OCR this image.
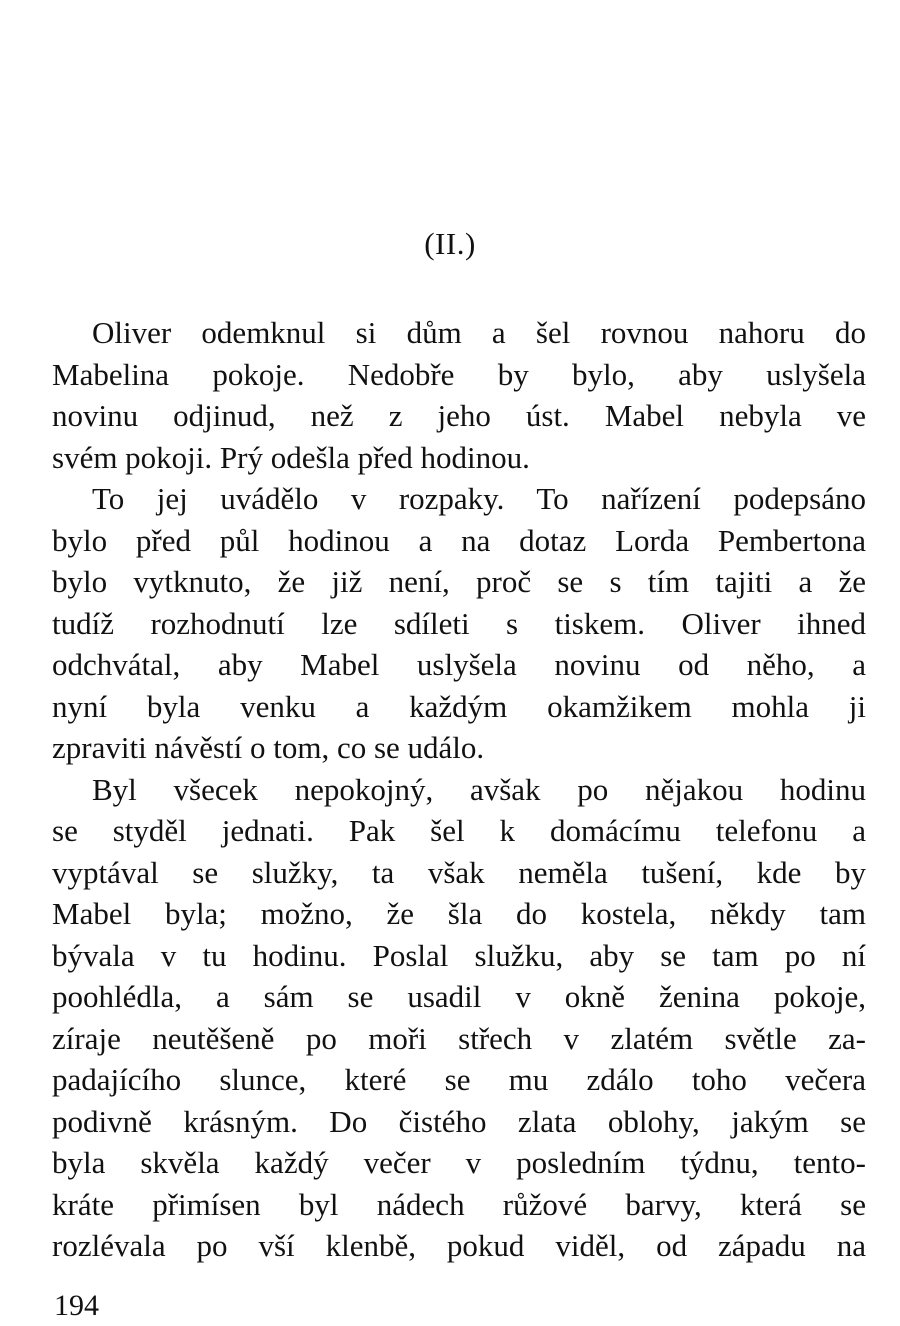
(II.)

Oliver odemknul si dům a šel rovnou nahoru do
Mabelina pokoje. Nedobře by bylo, aby uslyšela
novinu odjinud, než z jeho úst. Mabel nebyla ve
svém pokoji. Prý odešla před hodinou.

To jej uvádělo v rozpaky. To nařízení podepsáno
bylo před půl hodinou a na dotaz Lorda Pembertona
bylo vytknuto, že již není, proč se s tím tajiti a že
tudíž rozhodnutí lze sdíleti s tiskem. Oliver ihned
odchvátal, aby Mabel uslyšela novinu od něho, a
nyní byla venku a každým okamžikem mohla ji
zpraviti návěstí o tom, co se událo.

Byl všecek nepokojný, avšak po nějakou hodinu
se styděl jednati. Pak šel k domácímu telefonu a
vyptával se služky, ta však neměla tušení, kde by
Mabel byla; možno, že šla do kostela, někdy tam
bývala v tu hodinu. Poslal služku, aby se tam po ní
poohlédla, a sám se usadil v okně ženina pokoje,
zíraje neutěšeně po moři střech v zlatém světle za-
padajícího slunce, které se mu zdálo toho večera
podivně krásným. Do čistého zlata oblohy, jakým se
byla skvěla každý večer v posledním týdnu, tento-
kráte přimísen byl nádech růžové barvy, která se
rozlévala po vší klenbě, pokud viděl, od západu na

194
